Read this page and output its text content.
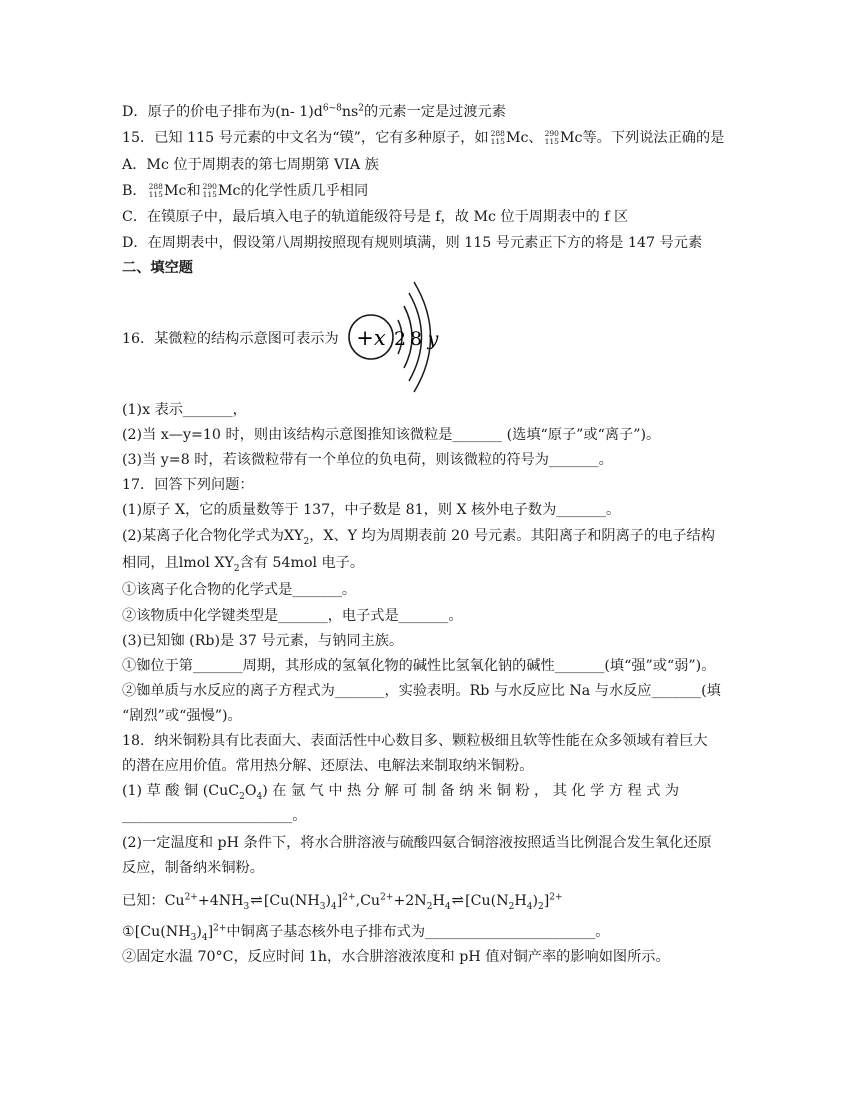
D．原子的价电子排布为(n- $1)d^{6\sim 8}ns^2$的元素一定是过渡元素
15．已知 115 号元素的中文名为“镆”，它有多种原子，如 288
115 Mc、 290
115 Mc等。下列说法正确的是
A．Mc 位于周期表的第七周期第 VIA 族
B． 288
115 Mc和 290
115 Mc的化学性质几乎相同
C．在镆原子中，最后填入电子的轨道能级符号是 f，故 Mc 位于周期表中的 f 区
D．在周期表中，假设第八周期按照现有规则填满，则 115 号元素正下方的将是 147 号元素
二、填空题
16．某微粒的结构示意图可表示为 +x 2 8 y
(1)x 表示_______，
(2)当 x—y=10 时，则由该结构示意图推知该微粒是_______ (选填“原子”或“离子”)。
(3)当 y=8 时，若该微粒带有一个单位的负电荷，则该微粒的符号为_______。
17．回答下列问题：
(1)原子 X，它的质量数等于 137，中子数是 81，则 X 核外电子数为_______。
(2)某离子化合物化学式为$XY_2$，X、Y 均为周期表前 20 号元素。其阳离子和阴离子的电子结构
相同，且lmol $XY_2$含有 54mol 电子。
①该离子化合物的化学式是_______。
②该物质中化学键类型是_______，电子式是_______。
(3)已知铷 (Rb)是 37 号元素，与钠同主族。
①铷位于第_______周期，其形成的氢氧化物的碱性比氢氧化钠的碱性_______(填“强”或“弱”)。
②铷单质与水反应的离子方程式为_______，实验表明。Rb 与水反应比 Na 与水反应_______(填
“剧烈”或“强慢”)。
18．纳米铜粉具有比表面大、表面活性中心数目多、颗粒极细且软等性能在众多领域有着巨大
的潜在应用价值。常用热分解、还原法、电解法来制取纳米铜粉。
(1) 草 酸 铜 $(CuC_2O_4)$ 在 氩 气 中 热 分 解 可 制 备 纳 米 铜 粉 ， 其 化 学 方 程 式 为
________________________。
(2)一定温度和 pH 条件下，将水合肼溶液与硫酸四氨合铜溶液按照适当比例混合发生氧化还原
反应，制备纳米铜粉。
已知：$Cu^{2+}+4NH_3\rightleftharpoons[Cu(NH_3)_4]^{2+},Cu^{2+}+2N_2H_4\rightleftharpoons[Cu(N_2H_4)_2]^{2+}$
$①[Cu(NH_3)_4]^{2+}$中铜离子基态核外电子排布式为________________________。
②固定水温 70°C，反应时间 1h，水合肼溶液浓度和 pH 值对铜产率的影响如图所示。
